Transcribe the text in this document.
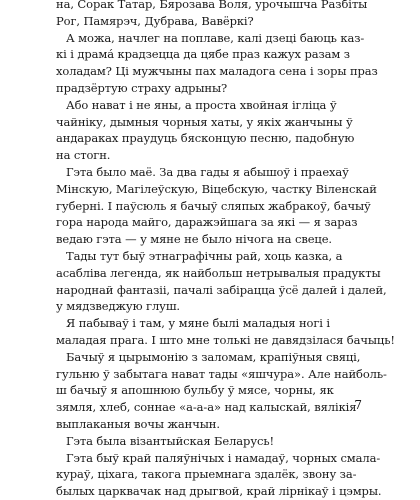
на, Сорак Татар, Бярозава Воля, урочышча Разбіты
Рог, Памярэч, Дубрава, Вавёркі?
А можа, начлег на поплаве, калі дзеці баюць каз-
кі і драма́ крадзецца да цябе праз кажух разам з
холадам? Ці мужчыны пах маладога сена і зоры праз
прадзёртую страху адрыны?
Або нават і не яны, а проста хвойная іглiца ў
чайніку, дымныя чорныя хаты, у якіх жанчыны ў
андараках праудуць бясконцую песню, падобную
на стогн.
Гэта было маё. За два гады я абышоў і праехаў
Мінскую, Магілеўскую, Віцебскую, частку Віленскай
губерні. І паўсюль я бачыў сляпых жабракоў, бачыў
гора народа майго, даражэйшага за які — я зараз
ведаю гэта — у мяне не было нічога на свеце.
Тады тут быў этнаграфічны рай, хоць казка, а
асабліва легенда, як найбольш нетрывалыя прадукты
народнай фантазіі, пачалі забірацца ўсё далей і далей,
у мядзведжую глуш.
Я пабываў і там, у мяне былі маладыя ногі і
маладая прага. І што мне толькі не давядзілася бачыць!
Бачыў я цырымонію з заломам, крапіўныя свяці,
гульню ў забытага нават тады «яшчура». Але найболь-
ш бачыў я апошнюю бульбу ў мясе, чорны, як
зямля, хлеб, соннае «а-а-а» над калыскай, вялікія
выплаканыя вочы жанчын.
Гэта была візантыйская Беларусь!
Гэта быў край паляўнічых і намадаў, чорных смала-
кураў, ціхага, такога прыемнага здалёк, звону за-
былых царквачак над дрыгвой, край лірнікаў і цэмры.
7
